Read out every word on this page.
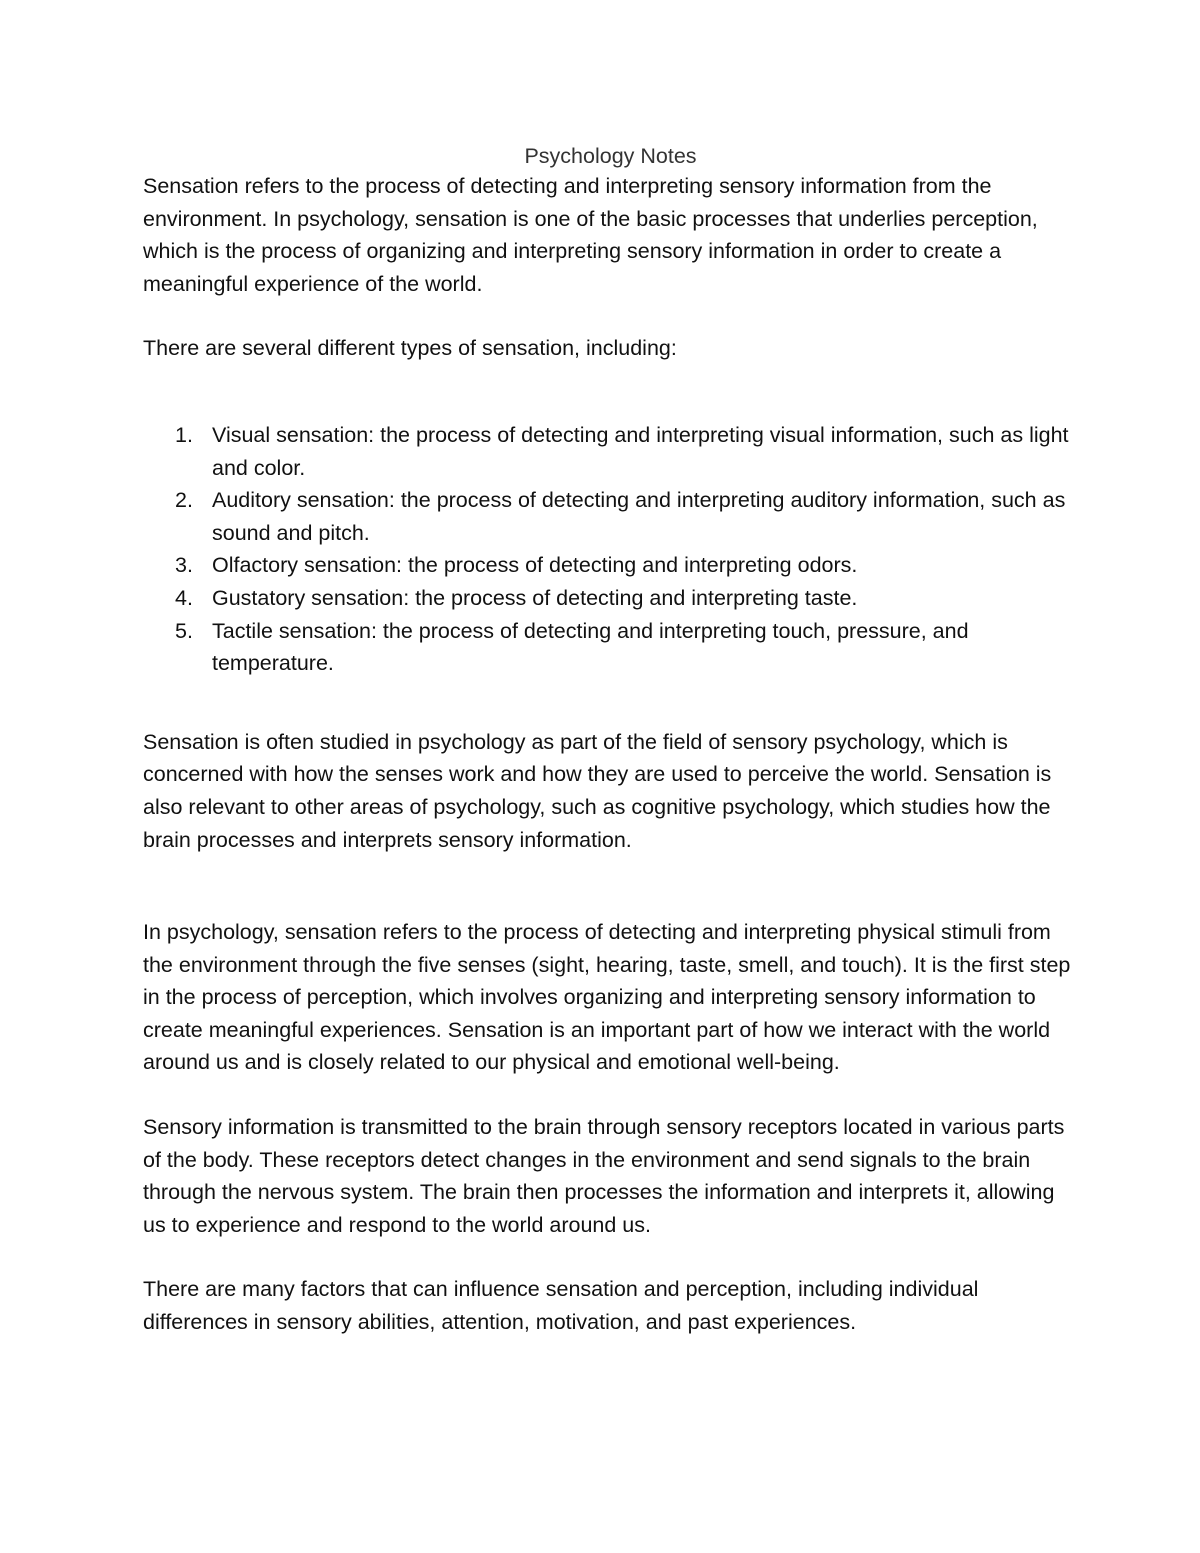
Psychology Notes

Sensation refers to the process of detecting and interpreting sensory information from the environment. In psychology, sensation is one of the basic processes that underlies perception, which is the process of organizing and interpreting sensory information in order to create a meaningful experience of the world.

There are several different types of sensation, including:

1. Visual sensation: the process of detecting and interpreting visual information, such as light and color.
2. Auditory sensation: the process of detecting and interpreting auditory information, such as sound and pitch.
3. Olfactory sensation: the process of detecting and interpreting odors.
4. Gustatory sensation: the process of detecting and interpreting taste.
5. Tactile sensation: the process of detecting and interpreting touch, pressure, and temperature.

Sensation is often studied in psychology as part of the field of sensory psychology, which is concerned with how the senses work and how they are used to perceive the world. Sensation is also relevant to other areas of psychology, such as cognitive psychology, which studies how the brain processes and interprets sensory information.

In psychology, sensation refers to the process of detecting and interpreting physical stimuli from the environment through the five senses (sight, hearing, taste, smell, and touch). It is the first step in the process of perception, which involves organizing and interpreting sensory information to create meaningful experiences. Sensation is an important part of how we interact with the world around us and is closely related to our physical and emotional well-being.

Sensory information is transmitted to the brain through sensory receptors located in various parts of the body. These receptors detect changes in the environment and send signals to the brain through the nervous system. The brain then processes the information and interprets it, allowing us to experience and respond to the world around us.

There are many factors that can influence sensation and perception, including individual differences in sensory abilities, attention, motivation, and past experiences.
